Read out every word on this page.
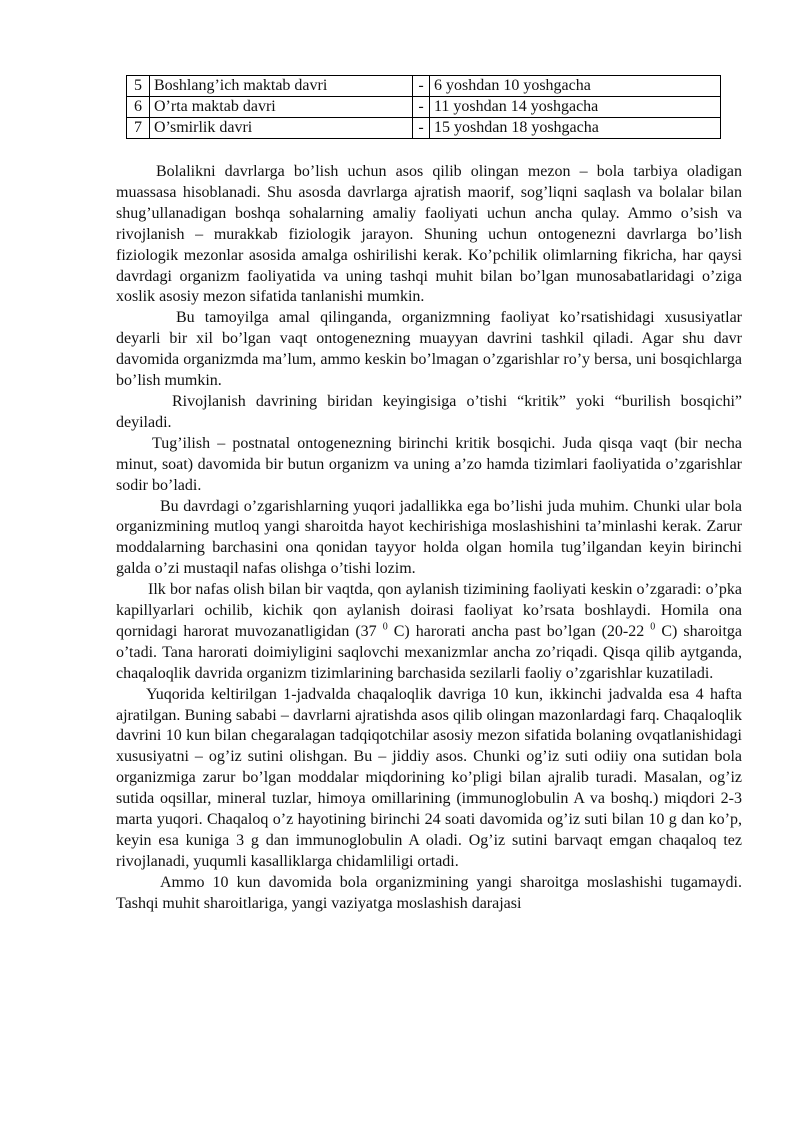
5	Boshlang’ich maktab davri	-	6 yoshdan 10 yoshgacha
6	O’rta maktab davri	-	11 yoshdan 14 yoshgacha
7	O’smirlik davri	-	15 yoshdan 18 yoshgacha

Bolalikni davrlarga bo’lish uchun asos qilib olingan mezon – bola tarbiya oladigan muassasa hisoblanadi. Shu asosda davrlarga ajratish maorif, sog’liqni saqlash va bolalar bilan shug’ullanadigan boshqa sohalarning amaliy faoliyati uchun ancha qulay. Ammo o’sish va rivojlanish – murakkab fiziologik jarayon. Shuning uchun ontogenezni davrlarga bo’lish fiziologik mezonlar asosida amalga oshirilishi kerak. Ko’pchilik olimlarning fikricha, har qaysi davrdagi organizm faoliyatida va uning tashqi muhit bilan bo’lgan munosabatlaridagi o’ziga xoslik asosiy mezon sifatida tanlanishi mumkin.

Bu tamoyilga amal qilinganda, organizmning faoliyat ko’rsatishidagi xususiyatlar deyarli bir xil bo’lgan vaqt ontogenezning muayyan davrini tashkil qiladi. Agar shu davr davomida organizmda ma’lum, ammo keskin bo’lmagan o’zgarishlar ro’y bersa, uni bosqichlarga bo’lish mumkin.

Rivojlanish davrining biridan keyingisiga o’tishi “kritik” yoki “burilish bosqichi” deyiladi.

Tug’ilish – postnatal ontogenezning birinchi kritik bosqichi. Juda qisqa vaqt (bir necha minut, soat) davomida bir butun organizm va uning a’zo hamda tizimlari faoliyatida o’zgarishlar sodir bo’ladi.

Bu davrdagi o’zgarishlarning yuqori jadallikka ega bo’lishi juda muhim. Chunki ular bola organizmining mutloq yangi sharoitda hayot kechirishiga moslashishini ta’minlashi kerak. Zarur moddalarning barchasini ona qonidan tayyor holda olgan homila tug’ilgandan keyin birinchi galda o’zi mustaqil nafas olishga o’tishi lozim.

Ilk bor nafas olish bilan bir vaqtda, qon aylanish tizimining faoliyati keskin o’zgaradi: o’pka kapillyarlari ochilib, kichik qon aylanish doirasi faoliyat ko’rsata boshlaydi. Homila ona qornidagi harorat muvozanatligidan (37 $^0$ C) harorati ancha past bo’lgan (20-22 $^0$ C) sharoitga o’tadi. Tana harorati doimiyligini saqlovchi mexanizmlar ancha zo’riqadi. Qisqa qilib aytganda, chaqaloqlik davrida organizm tizimlarining barchasida sezilarli faoliy o’zgarishlar kuzatiladi.

Yuqorida keltirilgan 1-jadvalda chaqaloqlik davriga 10 kun, ikkinchi jadvalda esa 4 hafta ajratilgan. Buning sababi – davrlarni ajratishda asos qilib olingan mazonlardagi farq. Chaqaloqlik davrini 10 kun bilan chegaralagan tadqiqotchilar asosiy mezon sifatida bolaning ovqatlanishidagi xususiyatni – og’iz sutini olishgan. Bu – jiddiy asos. Chunki og’iz suti odiiy ona sutidan bola organizmiga zarur bo’lgan moddalar miqdorining ko’pligi bilan ajralib turadi. Masalan, og’iz sutida oqsillar, mineral tuzlar, himoya omillarining (immunoglobulin A va boshq.) miqdori 2-3 marta yuqori. Chaqaloq o’z hayotining birinchi 24 soati davomida og’iz suti bilan 10 g dan ko’p, keyin esa kuniga 3 g dan immunoglobulin A oladi. Og’iz sutini barvaqt emgan chaqaloq tez rivojlanadi, yuqumli kasalliklarga chidamliligi ortadi.

Ammo 10 kun davomida bola organizmining yangi sharoitga moslashishi tugamaydi. Tashqi muhit sharoitlariga, yangi vaziyatga moslashish darajasi
